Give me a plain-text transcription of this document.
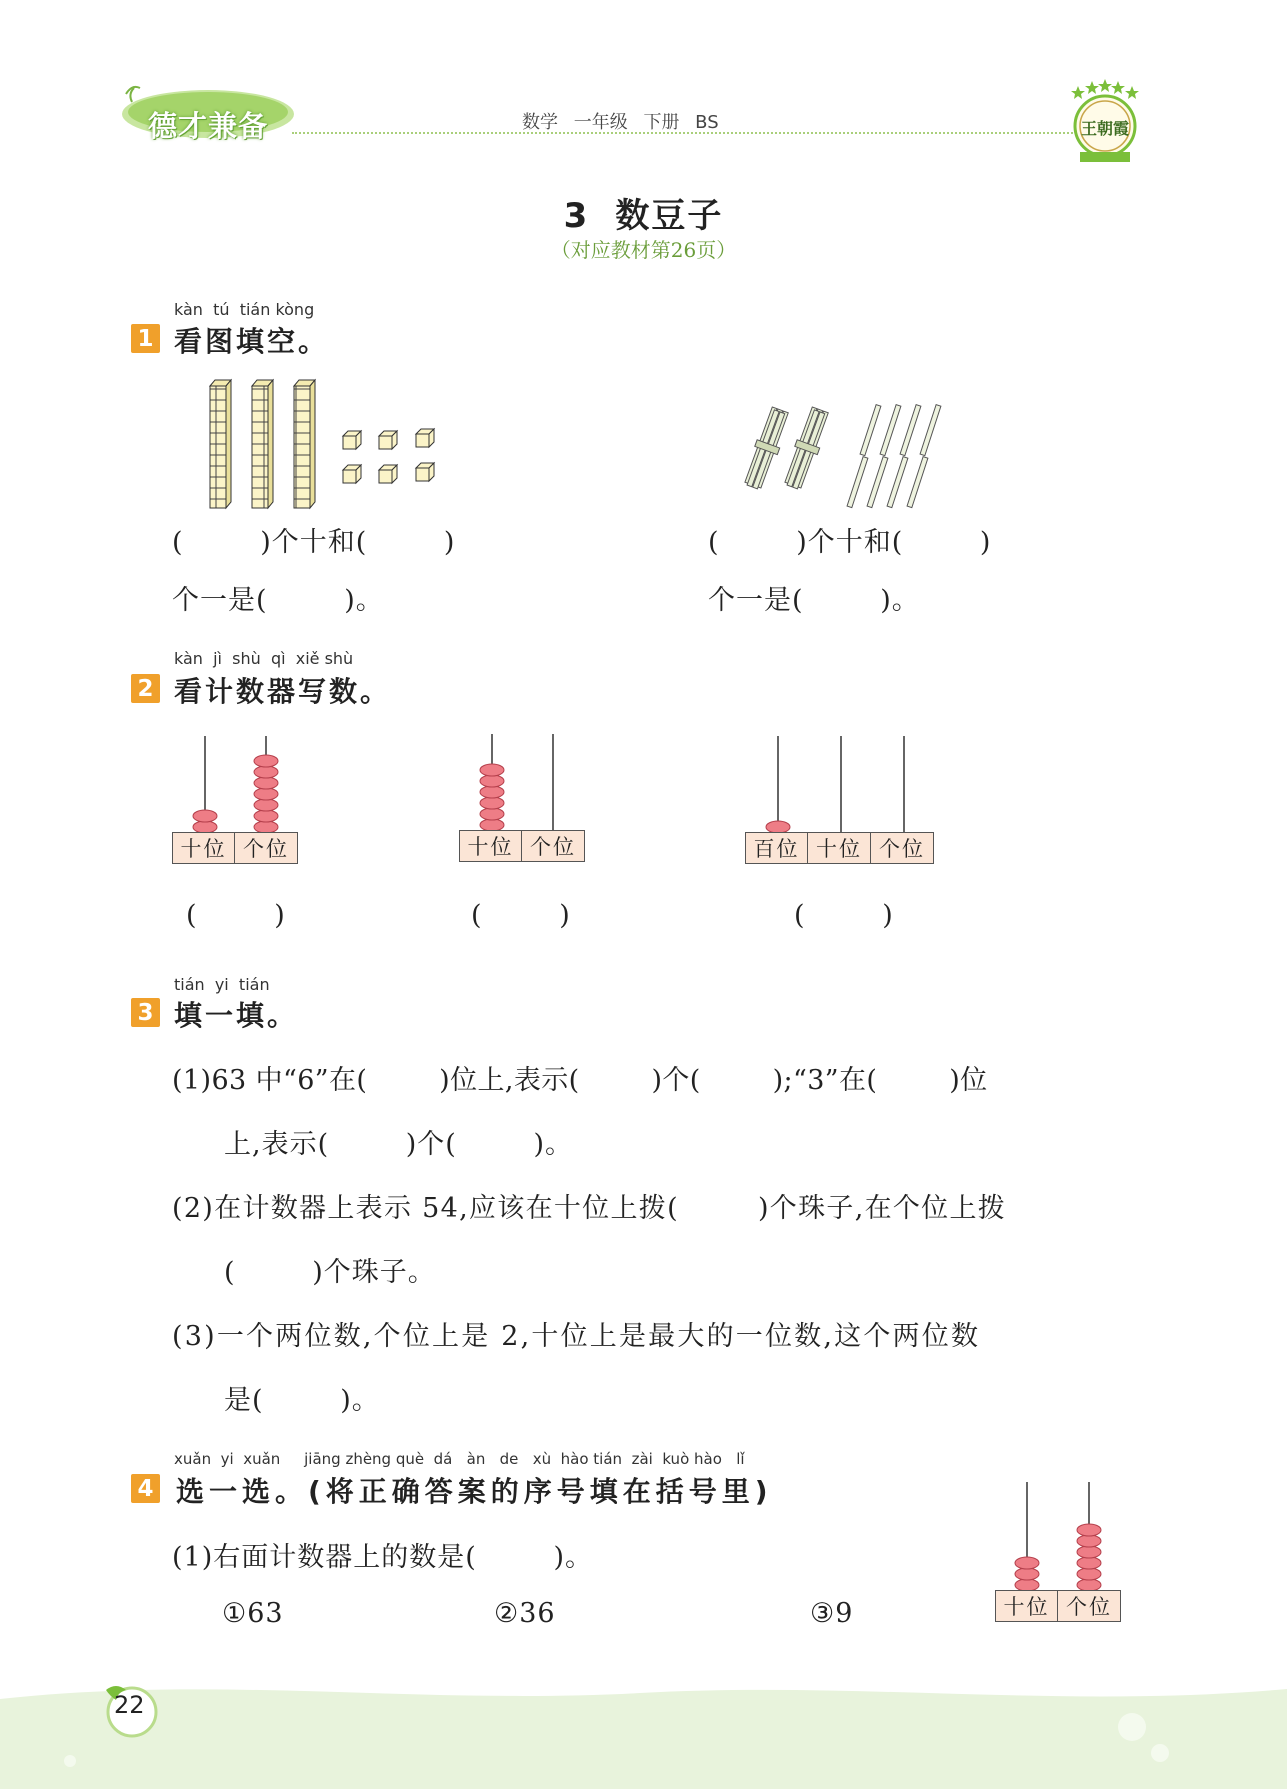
德才兼备	数学 一年级 下册 BS	王朝霞
3 数豆子
（对应教材第26页）
kàn  tú  tián kòng
1 看图填空。
(        )个十和(        )
个一是(        )。
(        )个十和(        )
个一是(        )。
kàn  jì  shù  qì  xiě shù
2 看计数器写数。
十位 个位
(        )
十位 个位
(        )
百位 十位 个位
(        )
tián  yi  tián
3 填一填。
(1)63 中“6”在(        )位上,表示(        )个(        );“3”在(        )位
上,表示(        )个(        )。
(2)在计数器上表示 54,应该在十位上拨(        )个珠子,在个位上拨
(        )个珠子。
(3)一个两位数,个位上是 2,十位上是最大的一位数,这个两位数
是(        )。
xuǎn  yi  xuǎn     jiāng zhèng què  dá   àn   de   xù  hào tián  zài  kuò hào   lǐ
4 选一选。(将正确答案的序号填在括号里)
(1)右面计数器上的数是(        )。
①63	②36	③9	十位 个位
22
